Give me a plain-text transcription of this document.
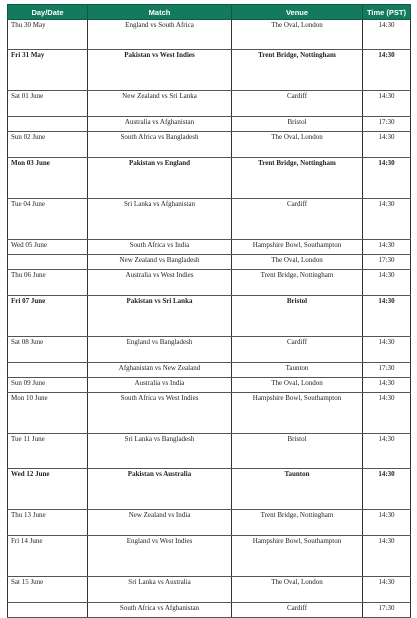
Day/Date	Match	Venue	Time (PST)
Thu 30 May	England vs South Africa	The Oval, London	14:30
Fri 31 May	Pakistan vs West Indies	Trent Bridge, Nottingham	14:30
Sat 01 June	New Zealand vs Sri Lanka	Cardiff	14:30
	Australia vs Afghanistan	Bristol	17:30
Sun 02 June	South Africa vs Bangladesh	The Oval, London	14:30
Mon 03 June	Pakistan vs England	Trent Bridge, Nottingham	14:30
Tue 04 June	Sri Lanka vs Afghanistan	Cardiff	14:30
Wed 05 June	South Africa vs India	Hampshire Bowl, Southampton	14:30
	New Zealand vs Bangladesh	The Oval, London	17:30
Thu 06 June	Australia vs West Indies	Trent Bridge, Nottingham	14:30
Fri 07 June	Pakistan vs Sri Lanka	Bristol	14:30
Sat 08 June	England vs Bangladesh	Cardiff	14:30
	Afghanistan vs New Zealand	Taunton	17:30
Sun 09 June	Australia vs India	The Oval, London	14:30
Mon 10 June	South Africa vs West Indies	Hampshire Bowl, Southampton	14:30
Tue 11 June	Sri Lanka vs Bangladesh	Bristol	14:30
Wed 12 June	Pakistan vs Australia	Taunton	14:30
Thu 13 June	New Zealand vs India	Trent Bridge, Nottingham	14:30
Fri 14 June	England vs West Indies	Hampshire Bowl, Southampton	14:30
Sat 15 June	Sri Lanka vs Australia	The Oval, London	14:30
	South Africa vs Afghanistan	Cardiff	17:30
